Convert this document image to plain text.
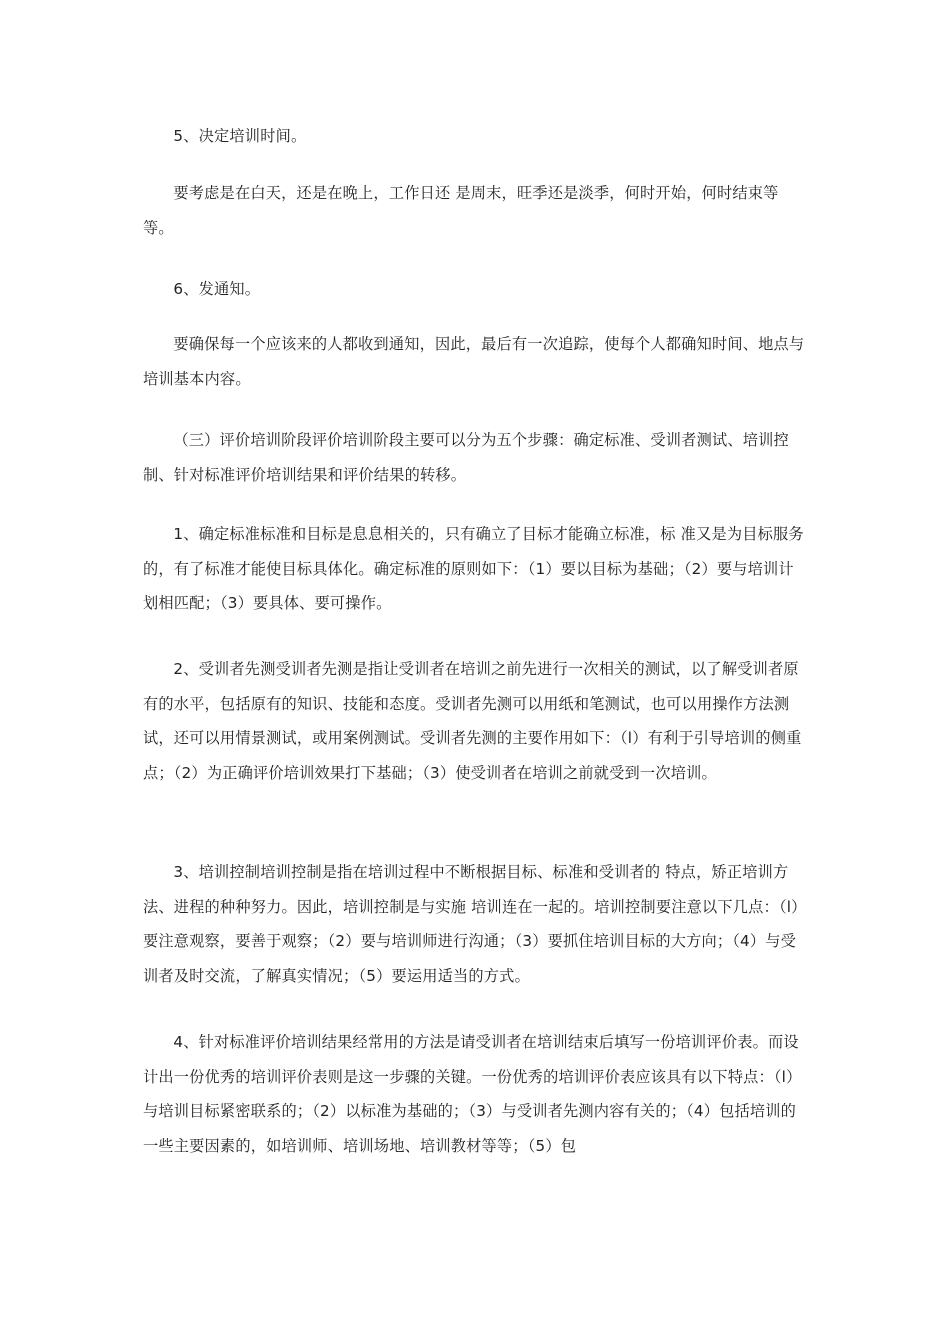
5、决定培训时间。

要考虑是在白天，还是在晚上，工作日还 是周末，旺季还是淡季，何时开始，何时结束等等。

6、发通知。

要确保每一个应该来的人都收到通知，因此，最后有一次追踪，使每个人都确知时间、地点与培训基本内容。

（三）评价培训阶段评价培训阶段主要可以分为五个步骤：确定标准、受训者测试、培训控制、针对标准评价培训结果和评价结果的转移。

1、确定标准标准和目标是息息相关的，只有确立了目标才能确立标准，标 准又是为目标服务的，有了标准才能使目标具体化。确定标准的原则如下：（1）要以目标为基础；（2）要与培训计划相匹配；（3）要具体、要可操作。

2、受训者先测受训者先测是指让受训者在培训之前先进行一次相关的测试，以了解受训者原有的水平，包括原有的知识、技能和态度。受训者先测可以用纸和笔测试，也可以用操作方法测试，还可以用情景测试，或用案例测试。受训者先测的主要作用如下：（l）有利于引导培训的侧重点；（2）为正确评价培训效果打下基础；（3）使受训者在培训之前就受到一次培训。

3、培训控制培训控制是指在培训过程中不断根据目标、标准和受训者的 特点，矫正培训方法、进程的种种努力。因此，培训控制是与实施 培训连在一起的。培训控制要注意以下几点：（l）要注意观察，要善于观察；（2）要与培训师进行沟通；（3）要抓住培训目标的大方向；（4）与受训者及时交流，了解真实情况；（5）要运用适当的方式。

4、针对标准评价培训结果经常用的方法是请受训者在培训结束后填写一份培训评价表。而设计出一份优秀的培训评价表则是这一步骤的关键。一份优秀的培训评价表应该具有以下特点：（l）与培训目标紧密联系的；（2）以标准为基础的；（3）与受训者先测内容有关的；（4）包括培训的一些主要因素的，如培训师、培训场地、培训教材等等；（5）包
